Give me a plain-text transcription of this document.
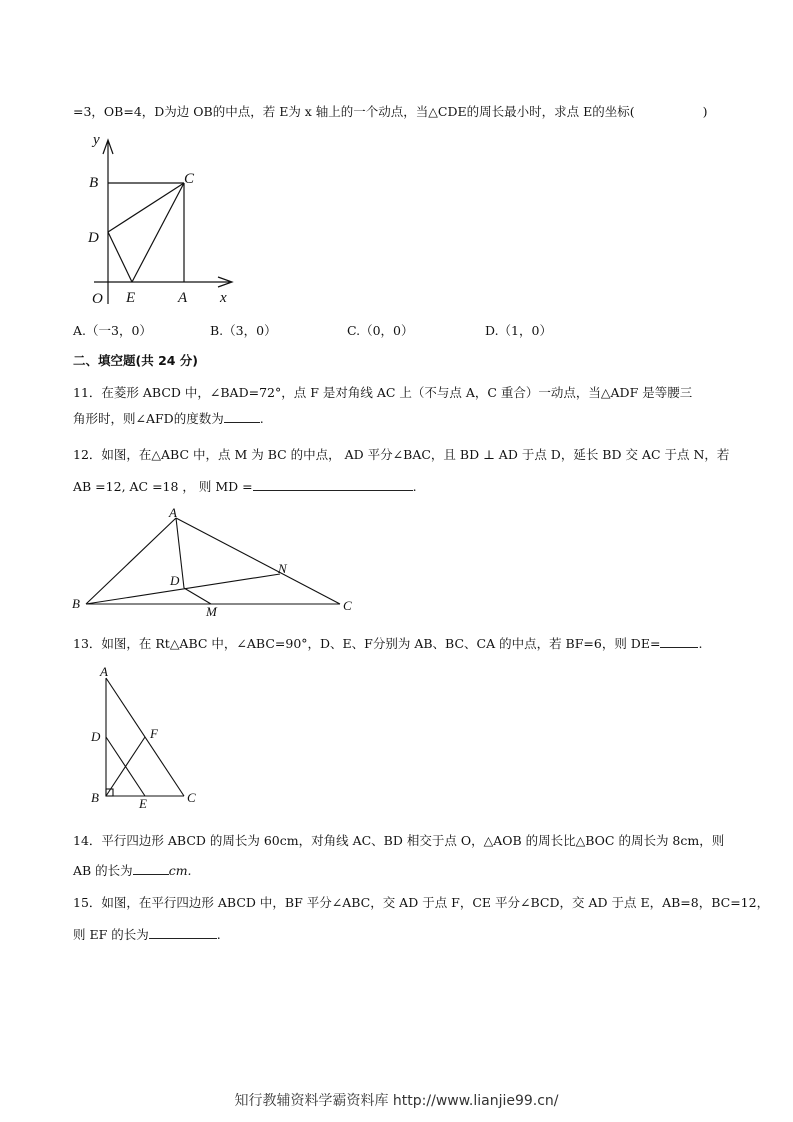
=3，OB=4，D为边 OB的中点，若 E为 x 轴上的一个动点，当△CDE的周长最小时，求点 E的坐标(	)
y
x
B	C
D
O E	A
A.（一3，0）	B.（3，0）	C.（0，0）	D.（1，0）
二、填空题(共 24 分)
11．在菱形 ABCD 中，∠BAD=72°，点 F 是对角线 AC 上（不与点 A，C 重合）一动点，当△ADF 是等腰三
角形时，则∠AFD的度数为	.
12．如图，在△ABC 中，点 M 为 BC 的中点， AD 平分∠BAC，且 BD ⊥ AD 于点 D，延长 BD 交 AC 于点 N，若
AB =12, AC =18 ， 则 MD =	.
A
B	C
D
N
M
13．如图，在 Rt△ABC 中，∠ABC=90°，D、E、F分别为 AB、BC、CA 的中点，若 BF=6，则 DE=	.
A
D	F
B	E	C
14．平行四边形 ABCD 的周长为 60cm，对角线 AC、BD 相交于点 O，△AOB 的周长比△BOC 的周长为 8cm，则
AB 的长为	cm.
15．如图，在平行四边形 ABCD 中，BF 平分∠ABC，交 AD 于点 F，CE 平分∠BCD，交 AD 于点 E，AB=8，BC=12，
则 EF 的长为	.
知行教辅资料学霸资料库 http://www.lianjie99.cn/
